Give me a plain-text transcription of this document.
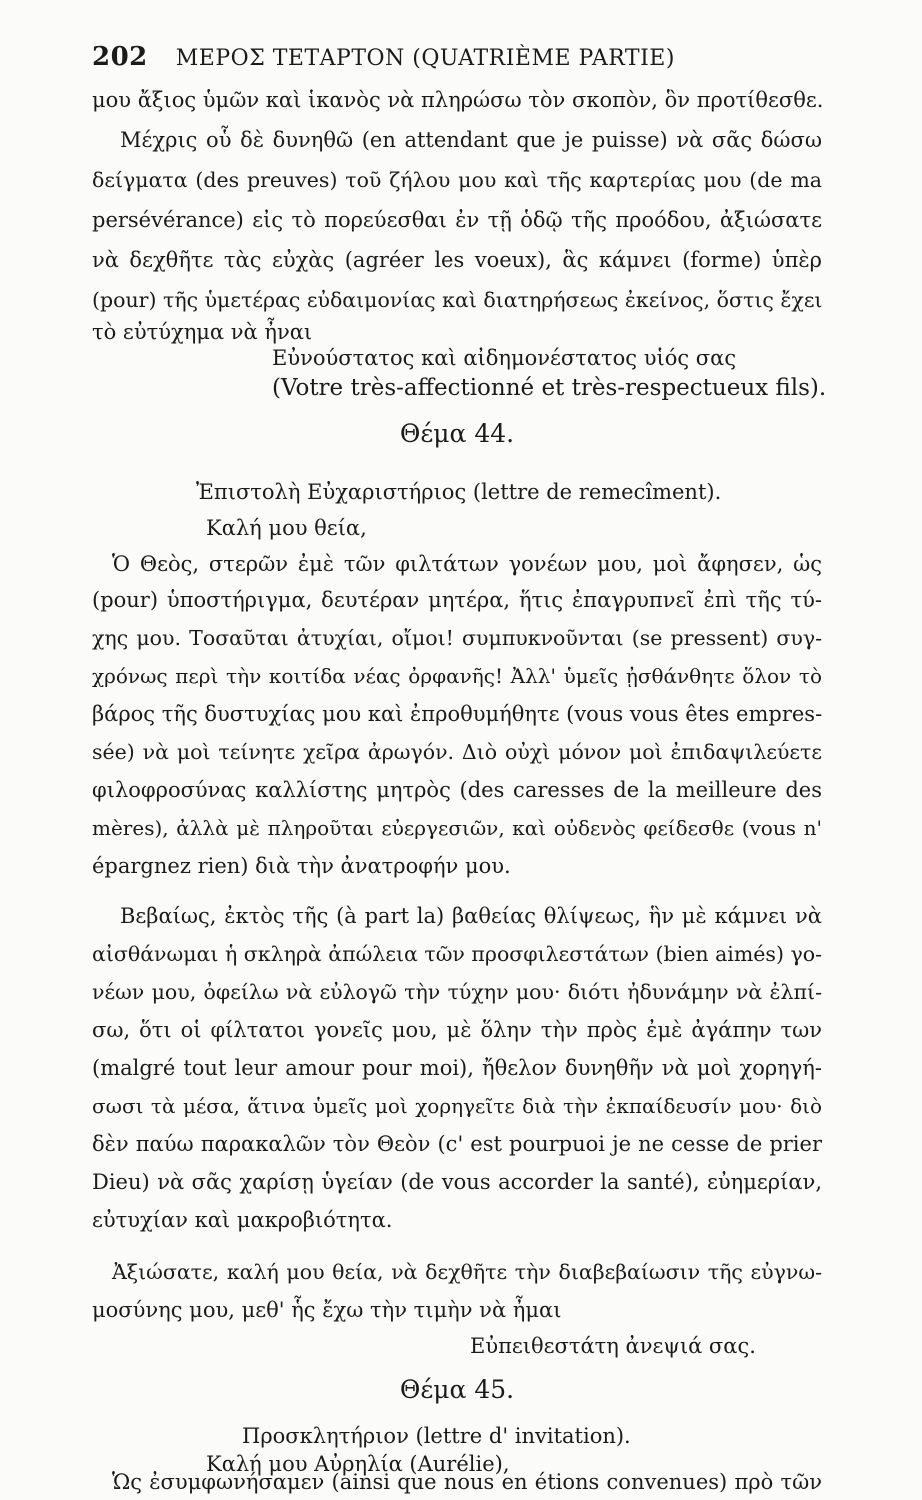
202 ΜΕΡΟΣ ΤΕΤΑΡΤΟΝ (QUATRIÈME PARTIE)
μου ἄξιος ὑμῶν καὶ ἱκανὸς νὰ πληρώσω τὸν σκοπὸν, ὃν προτίθεσθε.
Μέχρις οὗ δὲ δυνηθῶ (en attendant que je puisse) νὰ σᾶς δώσω
δείγματα (des preuves) τοῦ ζήλου μου καὶ τῆς καρτερίας μου (de ma
persévérance) εἰς τὸ πορεύεσθαι ἐν τῇ ὁδῷ τῆς προόδου, ἀξιώσατε
νὰ δεχθῆτε τὰς εὐχὰς (agréer les voeux), ἃς κάμνει (forme) ὑπὲρ
(pour) τῆς ὑμετέρας εὐδαιμονίας καὶ διατηρήσεως ἐκείνος, ὅστις ἔχει
τὸ εὐτύχημα νὰ ἦναι
Εὐνούστατος καὶ αἰδημονέστατος υἱός σας
(Votre très-affectionné et très-respectueux fils).
Θέμα 44.
Ἐπιστολὴ Εὐχαριστήριος (lettre de remecîment).
Καλή μου θεία,
Ὁ Θεὸς, στερῶν ἐμὲ τῶν φιλτάτων γονέων μου, μοὶ ἄφησεν, ὡς
(pour) ὑποστήριγμα, δευτέραν μητέρα, ἥτις ἐπαγρυπνεῖ ἐπὶ τῆς τύ-
χης μου. Τοσαῦται ἀτυχίαι, οἴμοι! συμπυκνοῦνται (se pressent) συγ-
χρόνως περὶ τὴν κοιτίδα νέας ὀρφανῆς! Ἀλλ' ὑμεῖς ᾐσθάνθητε ὅλον τὸ
βάρος τῆς δυστυχίας μου καὶ ἐπροθυμήθητε (vous vous êtes empres-
sée) νὰ μοὶ τείνητε χεῖρα ἀρωγόν. Διὸ οὐχὶ μόνον μοὶ ἐπιδαψιλεύετε
φιλοφροσύνας καλλίστης μητρὸς (des caresses de la meilleure des
mères), ἀλλὰ μὲ πληροῦται εὐεργεσιῶν, καὶ οὐδενὸς φείδεσθε (vous n'
épargnez rien) διὰ τὴν ἀνατροφήν μου.
Βεβαίως, ἐκτὸς τῆς (à part la) βαθείας θλίψεως, ἣν μὲ κάμνει νὰ
αἰσθάνωμαι ἡ σκληρὰ ἀπώλεια τῶν προσφιλεστάτων (bien aimés) γο-
νέων μου, ὀφείλω νὰ εὐλογῶ τὴν τύχην μου· διότι ἠδυνάμην νὰ ἐλπί-
σω, ὅτι οἱ φίλτατοι γονεῖς μου, μὲ ὅλην τὴν πρὸς ἐμὲ ἀγάπην των
(malgré tout leur amour pour moi), ἤθελον δυνηθῆν νὰ μοὶ χορηγή-
σωσι τὰ μέσα, ἅτινα ὑμεῖς μοὶ χορηγεῖτε διὰ τὴν ἐκπαίδευσίν μου· διὸ
δὲν παύω παρακαλῶν τὸν Θεὸν (c' est pourpuoi je ne cesse de prier
Dieu) νὰ σᾶς χαρίσῃ ὑγείαν (de vous accorder la santé), εὐημερίαν,
εὐτυχίαν καὶ μακροβιότητα.
Ἀξιώσατε, καλή μου θεία, νὰ δεχθῆτε τὴν διαβεβαίωσιν τῆς εὐγνω-
μοσύνης μου, μεθ' ἧς ἔχω τὴν τιμὴν νὰ ἦμαι
Εὐπειθεστάτη ἀνεψιά σας.
Θέμα 45.
Προσκλητήριον (lettre d' invitation).
Καλή μου Αὐρηλία (Aurélie),
Ὡς ἐσυμφωνήσαμεν (ainsi que nous en étions convenues) πρὸ τῶν
